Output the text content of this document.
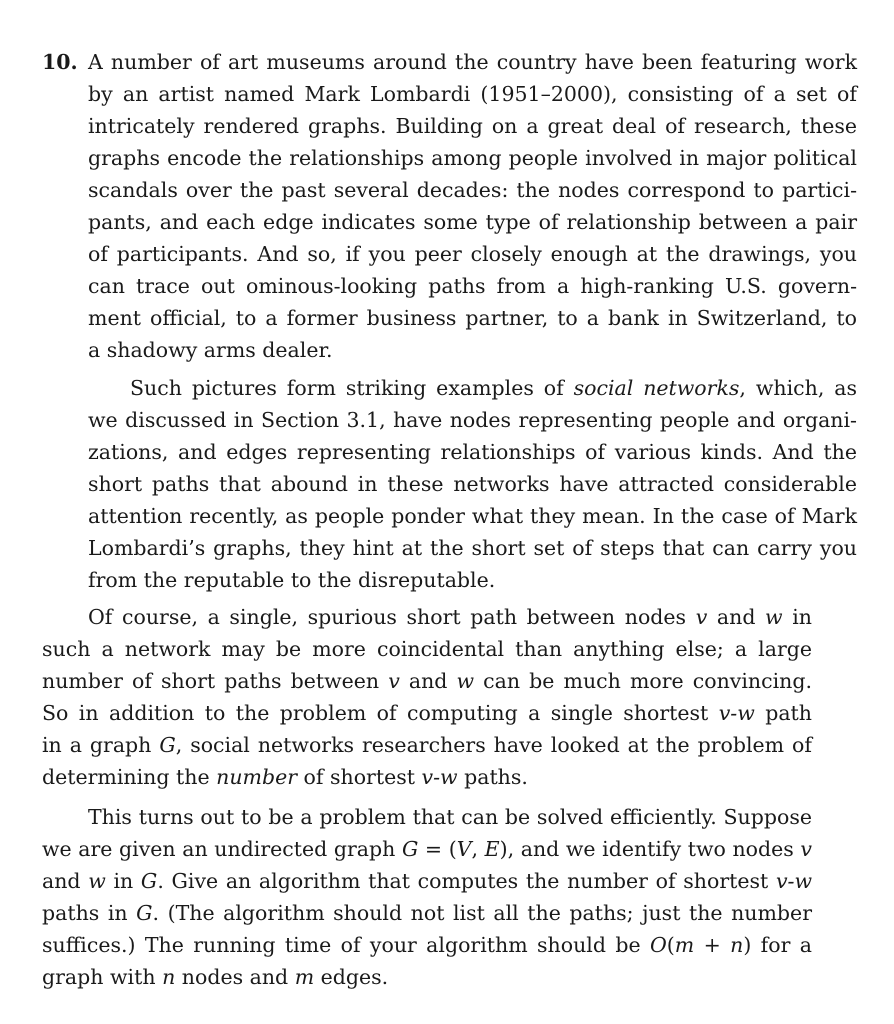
10. A number of art museums around the country have been featuring work
by an artist named Mark Lombardi (1951–2000), consisting of a set of
intricately rendered graphs. Building on a great deal of research, these
graphs encode the relationships among people involved in major political
scandals over the past several decades: the nodes correspond to partici-
pants, and each edge indicates some type of relationship between a pair
of participants. And so, if you peer closely enough at the drawings, you
can trace out ominous-looking paths from a high-ranking U.S. govern-
ment official, to a former business partner, to a bank in Switzerland, to
a shadowy arms dealer.
Such pictures form striking examples of social networks, which, as
we discussed in Section 3.1, have nodes representing people and organi-
zations, and edges representing relationships of various kinds. And the
short paths that abound in these networks have attracted considerable
attention recently, as people ponder what they mean. In the case of Mark
Lombardi’s graphs, they hint at the short set of steps that can carry you
from the reputable to the disreputable.
Of course, a single, spurious short path between nodes v and w in
such a network may be more coincidental than anything else; a large
number of short paths between v and w can be much more convincing.
So in addition to the problem of computing a single shortest v-w path
in a graph G, social networks researchers have looked at the problem of
determining the number of shortest v-w paths.
This turns out to be a problem that can be solved efficiently. Suppose
we are given an undirected graph G = (V, E), and we identify two nodes v
and w in G. Give an algorithm that computes the number of shortest v-w
paths in G. (The algorithm should not list all the paths; just the number
suffices.) The running time of your algorithm should be O(m + n) for a
graph with n nodes and m edges.
